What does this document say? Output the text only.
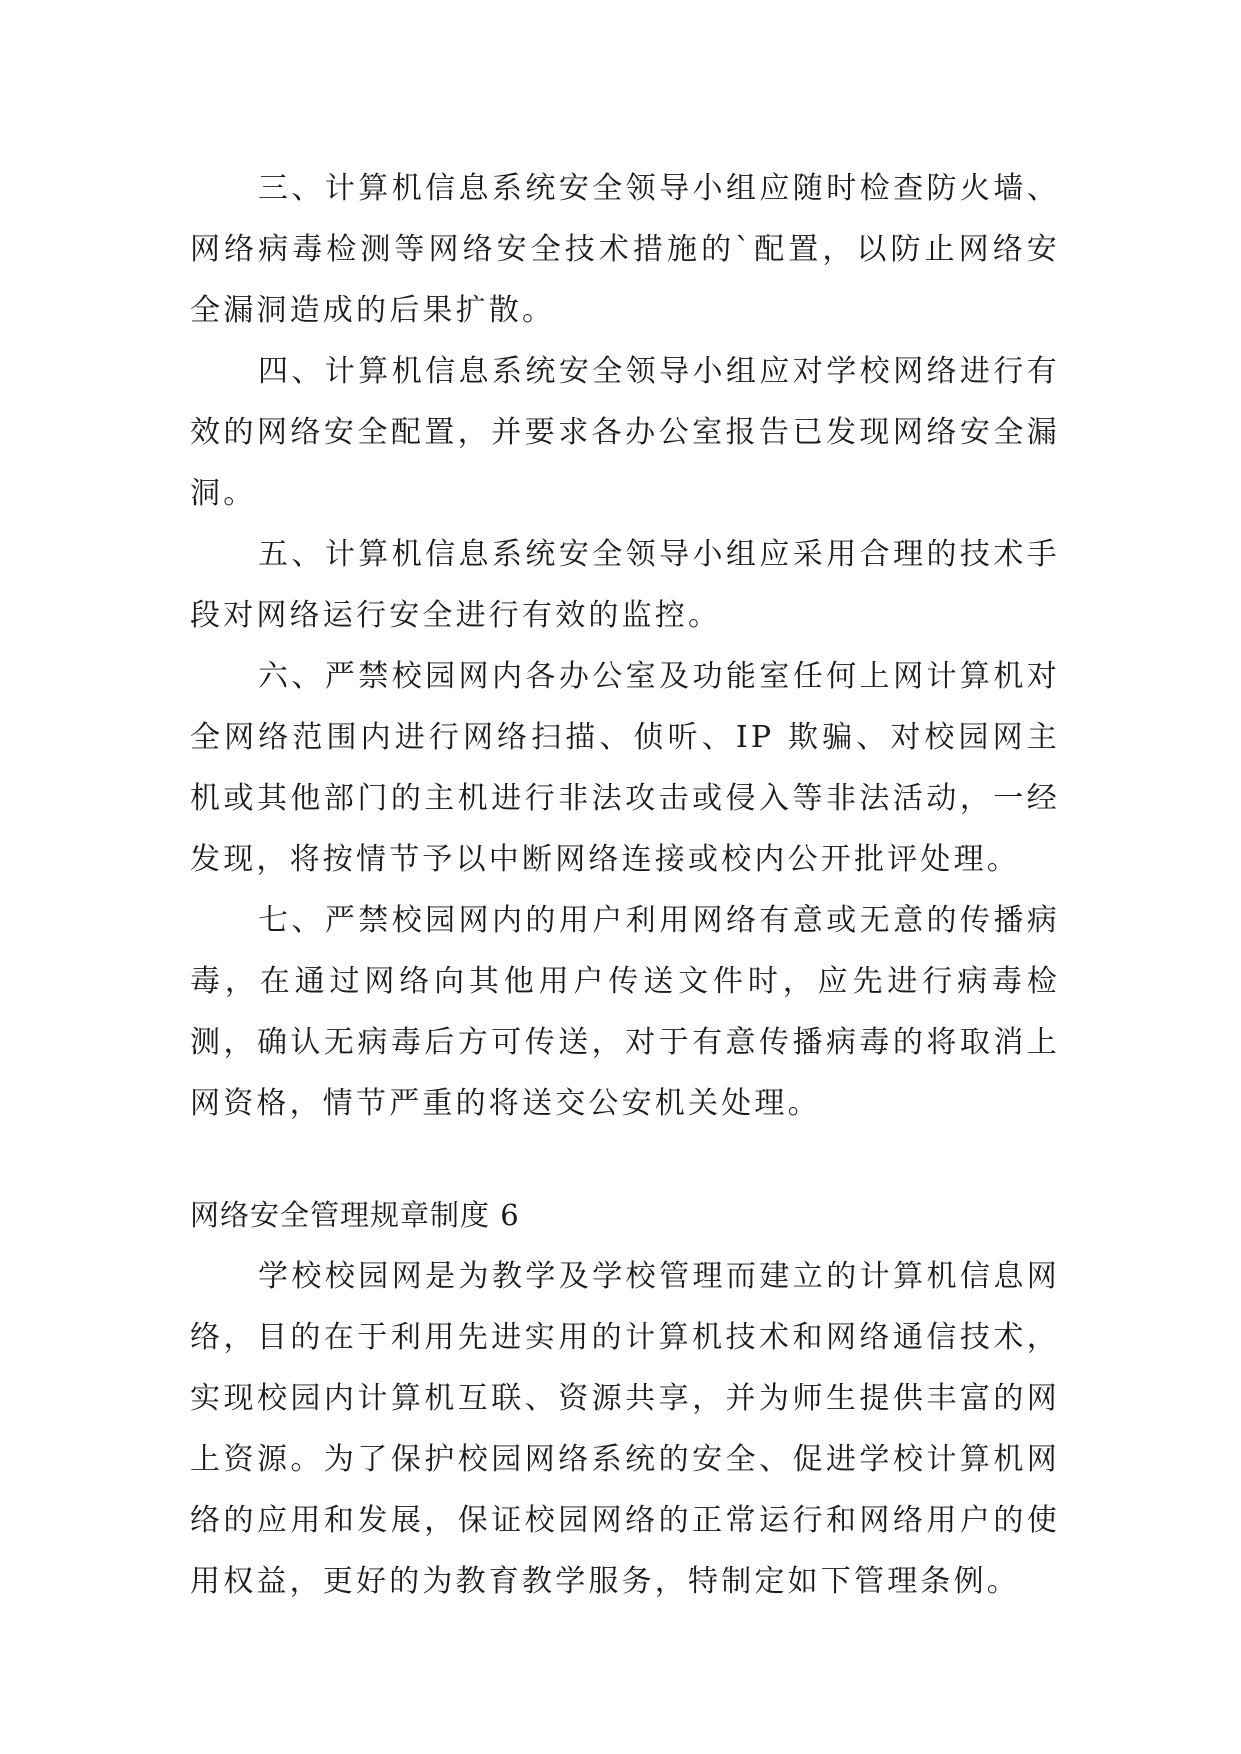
三、计算机信息系统安全领导小组应随时检查防火墙、网络病毒检测等网络安全技术措施的`配置，以防止网络安全漏洞造成的后果扩散。

四、计算机信息系统安全领导小组应对学校网络进行有效的网络安全配置，并要求各办公室报告已发现网络安全漏洞。

五、计算机信息系统安全领导小组应采用合理的技术手段对网络运行安全进行有效的监控。

六、严禁校园网内各办公室及功能室任何上网计算机对全网络范围内进行网络扫描、侦听、IP 欺骗、对校园网主机或其他部门的主机进行非法攻击或侵入等非法活动，一经发现，将按情节予以中断网络连接或校内公开批评处理。

七、严禁校园网内的用户利用网络有意或无意的传播病毒，在通过网络向其他用户传送文件时，应先进行病毒检测，确认无病毒后方可传送，对于有意传播病毒的将取消上网资格，情节严重的将送交公安机关处理。

网络安全管理规章制度 6

学校校园网是为教学及学校管理而建立的计算机信息网络，目的在于利用先进实用的计算机技术和网络通信技术，实现校园内计算机互联、资源共享，并为师生提供丰富的网上资源。为了保护校园网络系统的安全、促进学校计算机网络的应用和发展，保证校园网络的正常运行和网络用户的使用权益，更好的为教育教学服务，特制定如下管理条例。
